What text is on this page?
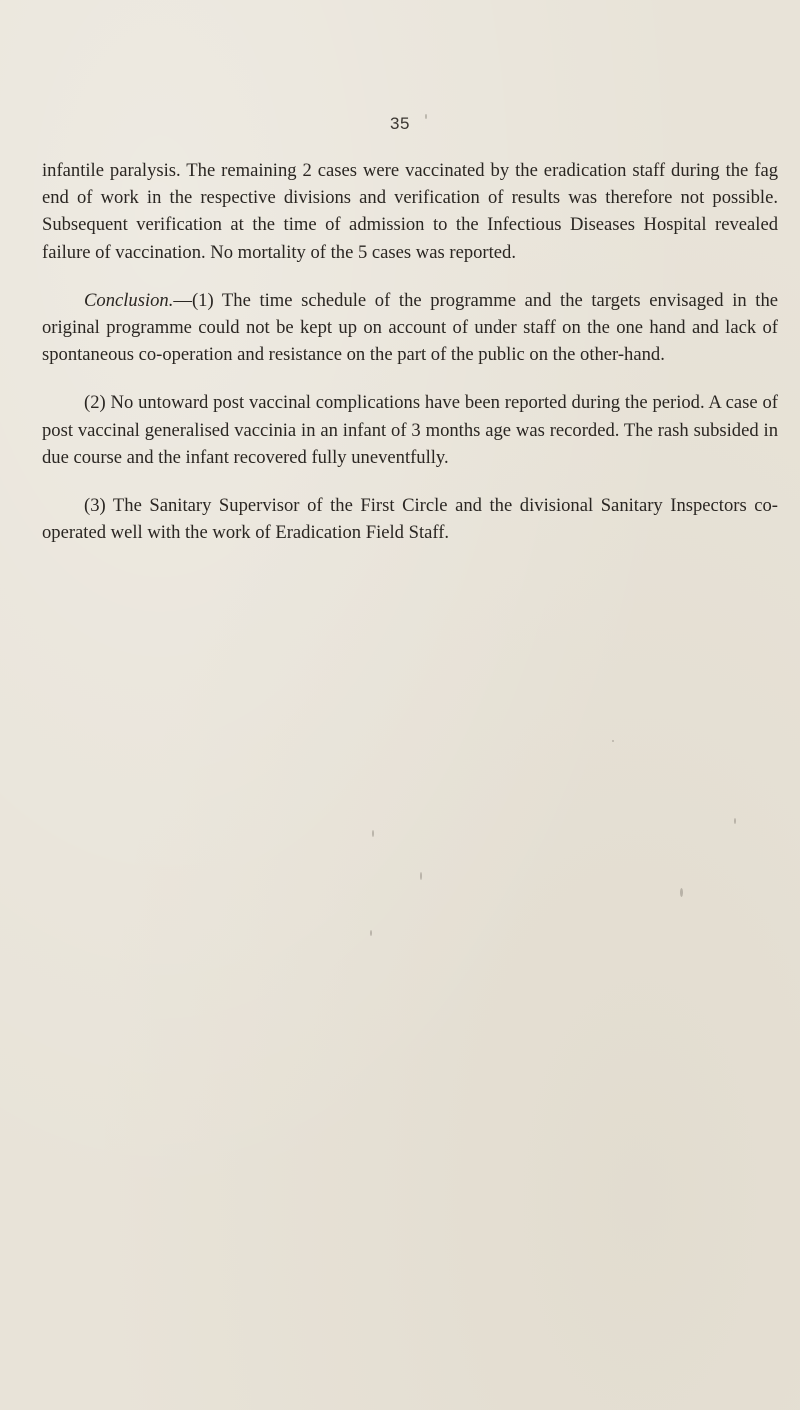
35

infantile paralysis. The remaining 2 cases were vaccinated by the eradication staff during the fag end of work in the respective divisions and verification of results was therefore not possible. Subsequent verification at the time of admission to the Infectious Diseases Hospital revealed failure of vaccination. No mortality of the 5 cases was reported.

Conclusion.—(1) The time schedule of the programme and the targets envisaged in the original programme could not be kept up on account of under staff on the one hand and lack of spontaneous co-operation and resistance on the part of the public on the other-hand.

(2) No untoward post vaccinal complications have been reported during the period. A case of post vaccinal generalised vaccinia in an infant of 3 months age was recorded. The rash subsided in due course and the infant recovered fully uneventfully.

(3) The Sanitary Supervisor of the First Circle and the divisional Sanitary Inspectors co-operated well with the work of Eradication Field Staff.
